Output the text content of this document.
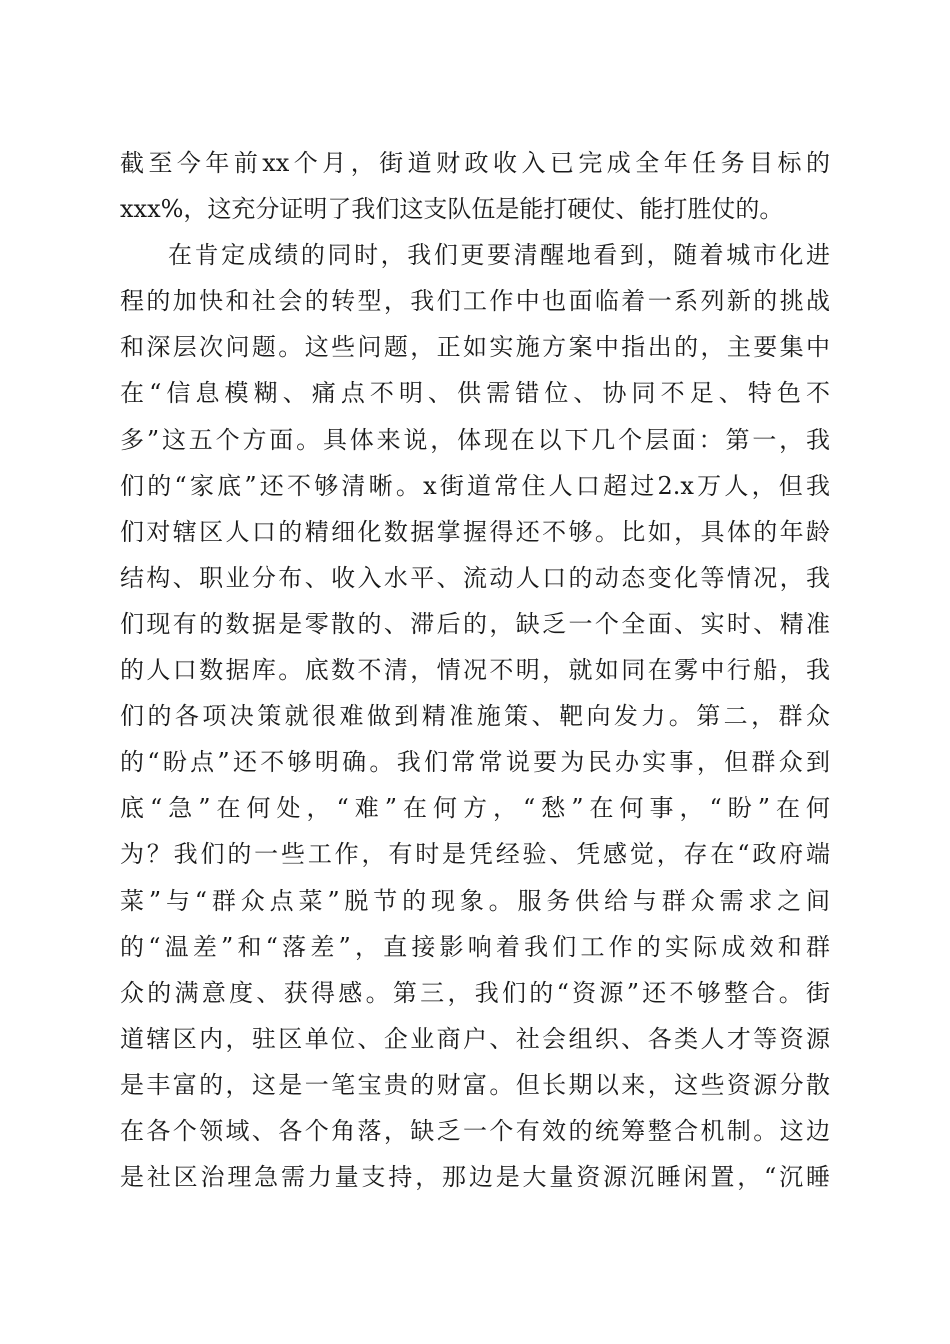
截至今年前xx个月，街道财政收入已完成全年任务目标的
xxx%，这充分证明了我们这支队伍是能打硬仗、能打胜仗的。
在肯定成绩的同时，我们更要清醒地看到，随着城市化进
程的加快和社会的转型，我们工作中也面临着一系列新的挑战
和深层次问题。这些问题，正如实施方案中指出的，主要集中
在“信息模糊、痛点不明、供需错位、协同不足、特色不
多”这五个方面。具体来说，体现在以下几个层面：第一，我
们的“家底”还不够清晰。x街道常住人口超过2.x万人，但我
们对辖区人口的精细化数据掌握得还不够。比如，具体的年龄
结构、职业分布、收入水平、流动人口的动态变化等情况，我
们现有的数据是零散的、滞后的，缺乏一个全面、实时、精准
的人口数据库。底数不清，情况不明，就如同在雾中行船，我
们的各项决策就很难做到精准施策、靶向发力。第二，群众
的“盼点”还不够明确。我们常常说要为民办实事，但群众到
底“急”在何处，“难”在何方，“愁”在何事，“盼”在何
为？我们的一些工作，有时是凭经验、凭感觉，存在“政府端
菜”与“群众点菜”脱节的现象。服务供给与群众需求之间
的“温差”和“落差”，直接影响着我们工作的实际成效和群
众的满意度、获得感。第三，我们的“资源”还不够整合。街
道辖区内，驻区单位、企业商户、社会组织、各类人才等资源
是丰富的，这是一笔宝贵的财富。但长期以来，这些资源分散
在各个领域、各个角落，缺乏一个有效的统筹整合机制。这边
是社区治理急需力量支持，那边是大量资源沉睡闲置，“沉睡
